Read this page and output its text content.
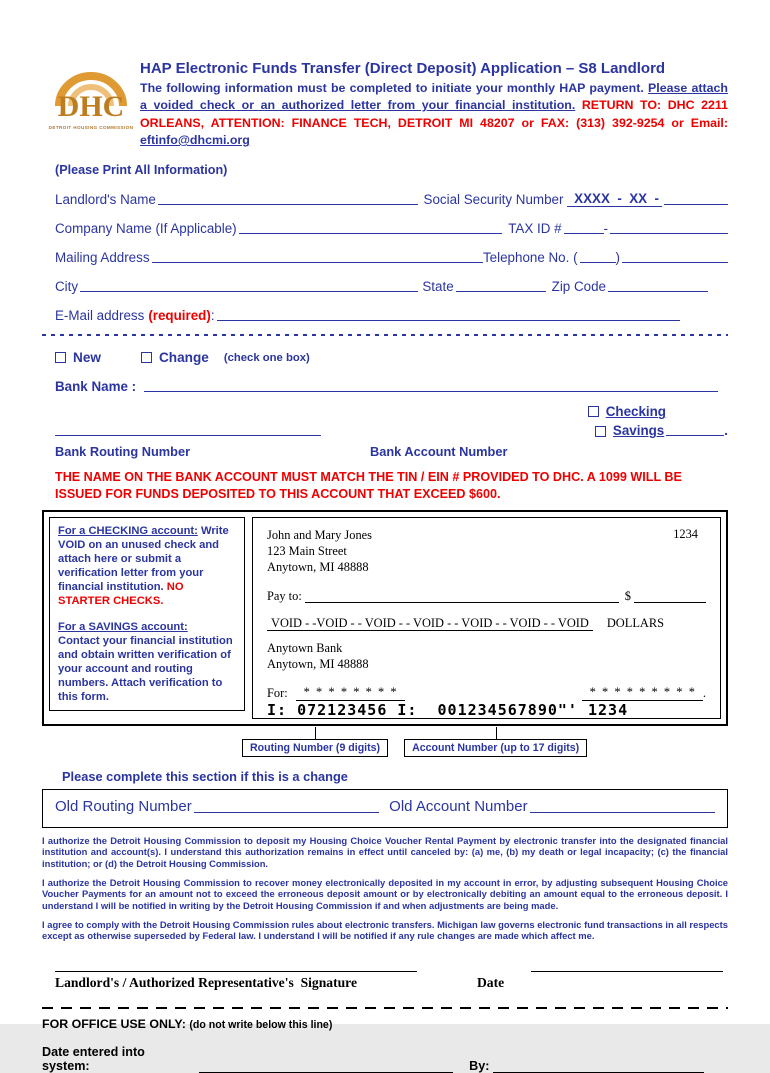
DHC
DETROIT HOUSING COMMISSION
HAP Electronic Funds Transfer (Direct Deposit) Application – S8 Landlord

The following information must be completed to initiate your monthly HAP payment. Please attach a voided check or an authorized letter from your financial institution. RETURN TO: DHC 2211 ORLEANS, ATTENTION: FINANCE TECH, DETROIT MI 48207 or FAX: (313) 392-9254 or Email: eftinfo@dhcmi.org

(Please Print All Information)
Landlord's Name	Social Security Number XXXX  -  XX  -
Company Name (If Applicable)	TAX ID #	-
Mailing Address	Telephone No. (	)
City	State	Zip Code
E-Mail address (required) :
New	Change (check one box)
Bank Name :
Checking
Savings	.
Bank Routing Number	Bank Account Number
THE NAME ON THE BANK ACCOUNT MUST MATCH THE TIN / EIN # PROVIDED TO DHC. A 1099 WILL BE ISSUED FOR FUNDS DEPOSITED TO THIS ACCOUNT THAT EXCEED $600.

For a CHECKING account: Write VOID on an unused check and attach here or submit a verification letter from your financial institution. NO STARTER CHECKS.

For a SAVINGS account:
Contact your financial institution and obtain written verification of your account and routing numbers. Attach verification to this form.

1234
John and Mary Jones
123 Main Street
Anytown, MI 48888
Pay to:	$
VOID - -VOID - - VOID - - VOID - - VOID - - VOID - - VOID DOLLARS
Anytown Bank
Anytown, MI 48888
For:	*  *  *  *  *  *  *  *	*  *  *  *  *  *  *  *  * .
I: 072123456 I:  001234567890"' 1234
Routing Number (9 digits)	Account Number (up to 17 digits)
Please complete this section if this is a change
Old Routing Number	Old Account Number

I authorize the Detroit Housing Commission to deposit my Housing Choice Voucher Rental Payment by electronic transfer into the designated financial institution and account(s). I understand this authorization remains in effect until canceled by: (a) me, (b) my death or legal incapacity; (c) the financial institution; or (d) the Detroit Housing Commission.

I authorize the Detroit Housing Commission to recover money electronically deposited in my account in error, by adjusting subsequent Housing Choice Voucher Payments for an amount not to exceed the erroneous deposit amount or by electronically debiting an amount equal to the erroneous deposit. I understand I will be notified in writing by the Detroit Housing Commission if and when adjustments are being made.

I agree to comply with the Detroit Housing Commission rules about electronic transfers. Michigan law governs electronic fund transactions in all respects except as otherwise superseded by Federal law. I understand I will be notified if any rule changes are made which affect me.

Landlord's / Authorized Representative's  Signature	Date
FOR OFFICE USE ONLY: (do not write below this line)
Date entered into system:	By:
